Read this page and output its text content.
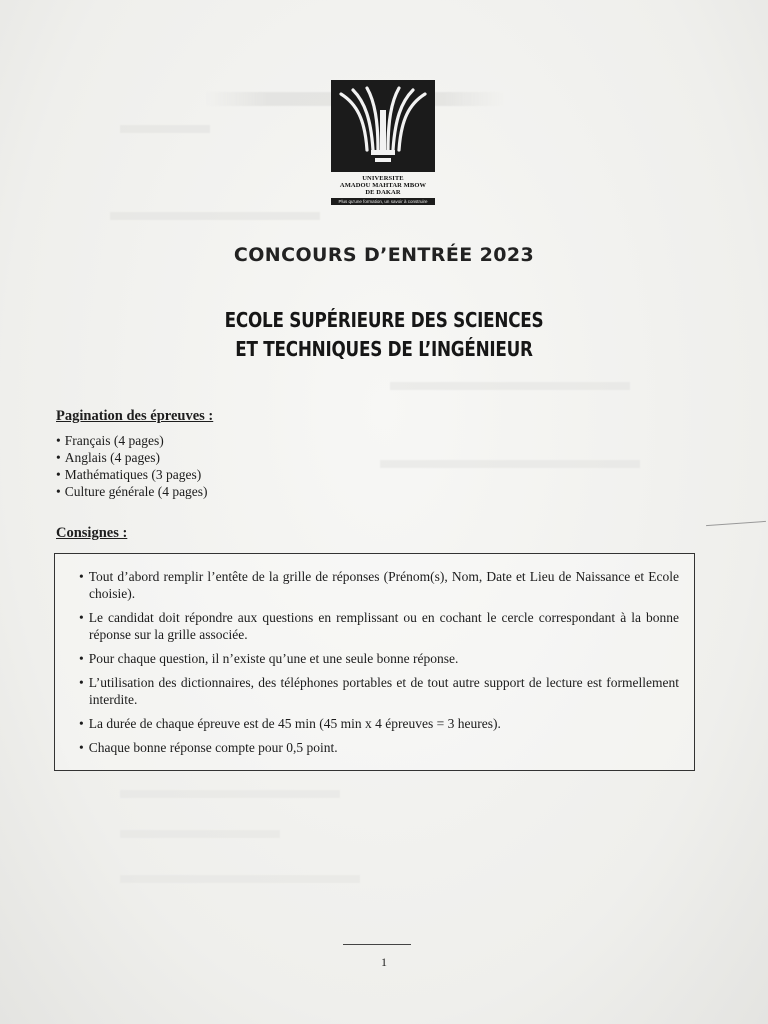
UNIVERSITE
AMADOU MAHTAR MBOW
DE DAKAR
Plus qu'une formation, un savoir à construire
CONCOURS D’ENTRÉE 2023
ECOLE SUPÉRIEURE DES SCIENCES
ET TECHNIQUES DE L’INGÉNIEUR
Pagination des épreuves :
• Français (4 pages)
• Anglais (4 pages)
• Mathématiques (3 pages)
• Culture générale (4 pages)
Consignes :
• Tout d’abord remplir l’entête de la grille de réponses (Prénom(s), Nom, Date et Lieu de Naissance et Ecole choisie).
• Le candidat doit répondre aux questions en remplissant ou en cochant le cercle correspondant à la bonne réponse sur la grille associée.
• Pour chaque question, il n’existe qu’une et une seule bonne réponse.
• L’utilisation des dictionnaires, des téléphones portables et de tout autre support de lecture est formellement interdite.
• La durée de chaque épreuve est de 45 min (45 min x 4 épreuves = 3 heures).
• Chaque bonne réponse compte pour 0,5 point.
1
